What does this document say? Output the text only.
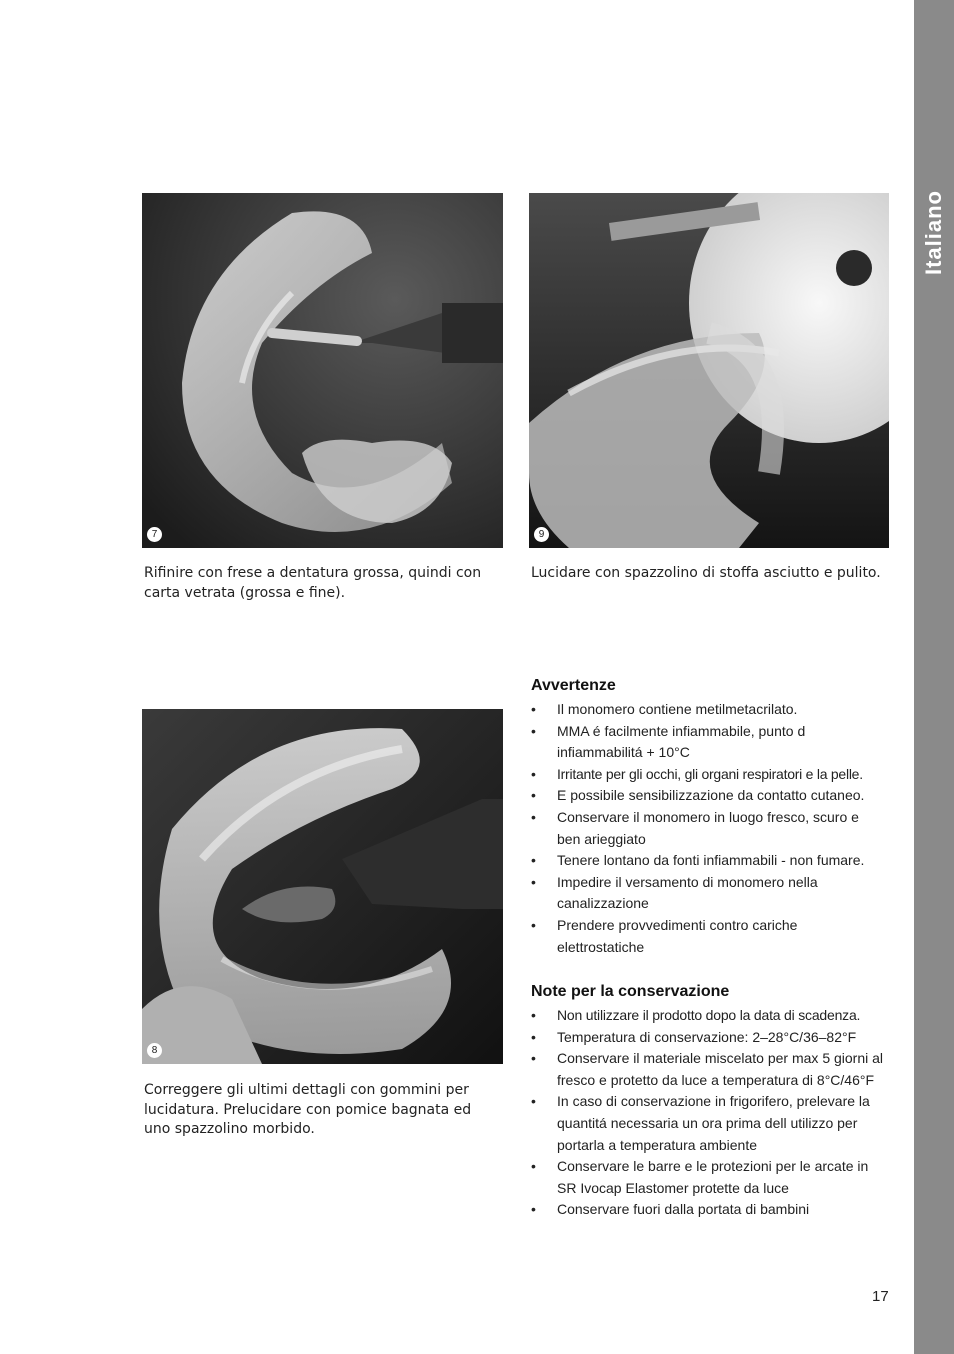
Italiano
7
Rifinire con frese a dentatura grossa, quindi con carta vetrata (grossa e fine).
9
Lucidare con spazzolino di stoffa asciutto e pulito.
8
Correggere gli ultimi dettagli con gommini per lucidatura. Prelucidare con pomice bagnata ed uno spazzolino morbido.
Avvertenze
• Il monomero contiene metilmetacrilato.
• MMA é facilmente infiammabile, punto d infiammabilitá + 10°C
• Irritante per gli occhi, gli organi respiratori e la pelle.
• E possibile sensibilizzazione da contatto cutaneo.
• Conservare il monomero in luogo fresco, scuro e ben arieggiato
• Tenere lontano da fonti infiammabili - non fumare.
• Impedire il versamento di monomero nella canalizzazione
• Prendere provvedimenti contro cariche elettrostatiche
Note per la conservazione
• Non utilizzare il prodotto dopo la data di scadenza.
• Temperatura di conservazione: 2–28°C/36–82°F
• Conservare il materiale miscelato per max 5 giorni al fresco e protetto da luce a temperatura di 8°C/46°F
• In caso di conservazione in frigorifero, prelevare la quantitá necessaria un ora prima dell utilizzo per portarla a temperatura ambiente
• Conservare le barre e le protezioni per le arcate in SR Ivocap Elastomer protette da luce
• Conservare fuori dalla portata di bambini
17
